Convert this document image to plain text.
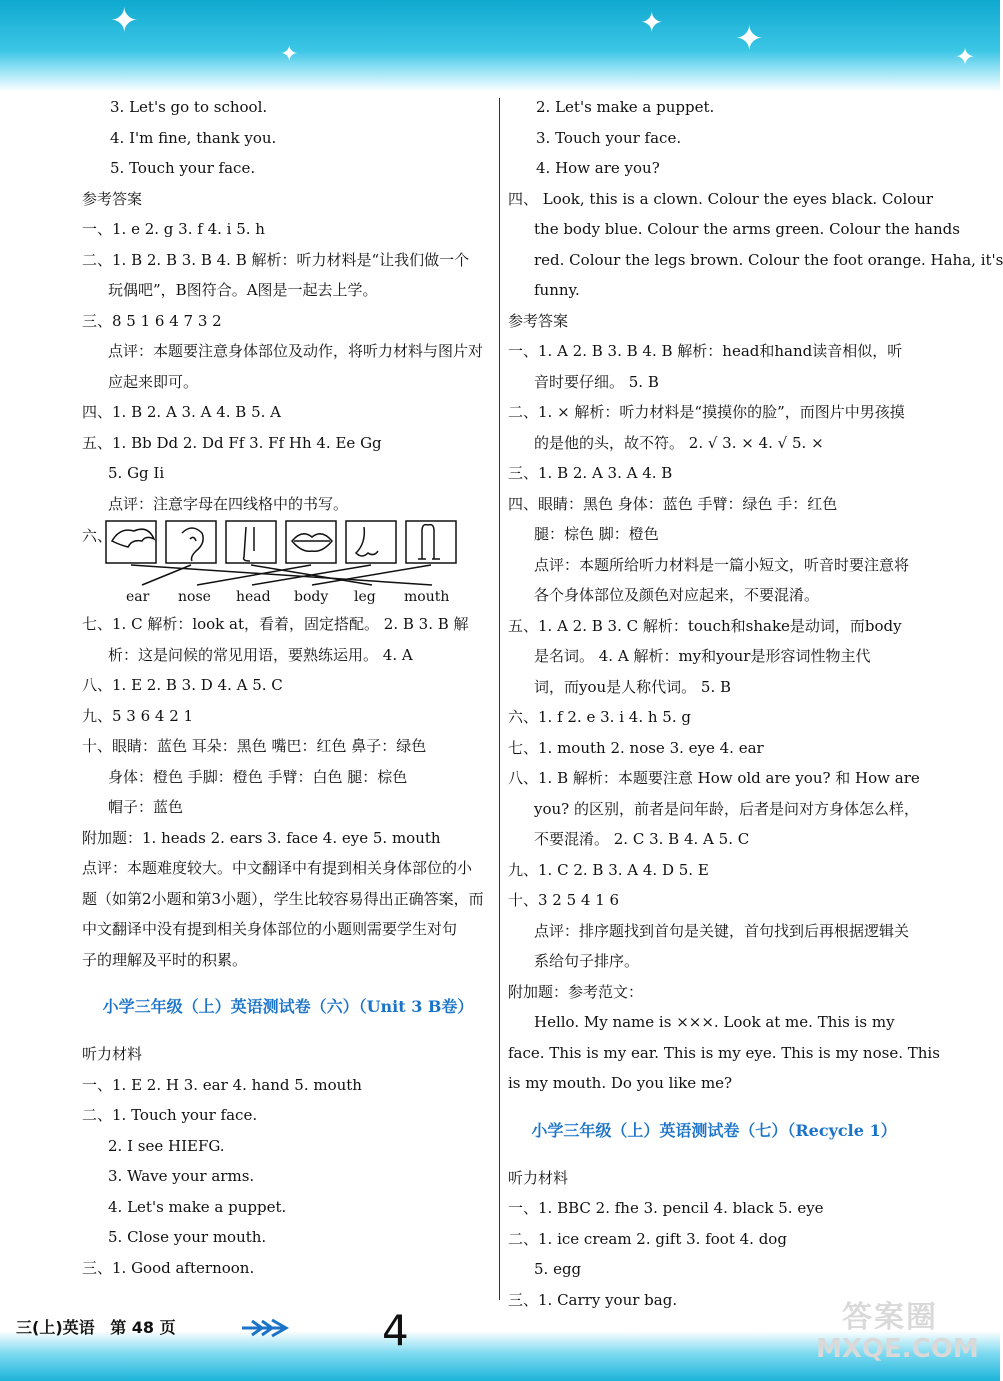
✦
✦
✦ ✦	✦
3. Let's go to school.
4. I'm fine, thank you.
5. Touch your face.
参考答案
一、1. e 2. g 3. f 4. i 5. h
二、1. B 2. B 3. B 4. B 解析：听力材料是“让我们做一个
玩偶吧”，B图符合。A图是一起去上学。
三、8 5 1 6 4 7 3 2
点评：本题要注意身体部位及动作，将听力材料与图片对
应起来即可。
四、1. B 2. A 3. A 4. B 5. A
五、1. Bb Dd 2. Dd Ff 3. Ff Hh 4. Ee Gg
5. Gg Ii
点评：注意字母在四线格中的书写。
六、
ear nose head body leg mouth
七、1. C 解析：look at，看着，固定搭配。 2. B 3. B 解
析：这是问候的常见用语，要熟练运用。 4. A
八、1. E 2. B 3. D 4. A 5. C
九、5 3 6 4 2 1
十、眼睛：蓝色 耳朵：黑色 嘴巴：红色 鼻子：绿色
身体：橙色 手脚：橙色 手臂：白色 腿：棕色
帽子：蓝色
附加题：1. heads 2. ears 3. face 4. eye 5. mouth
点评：本题难度较大。中文翻译中有提到相关身体部位的小
题（如第2小题和第3小题），学生比较容易得出正确答案，而
中文翻译中没有提到相关身体部位的小题则需要学生对句
子的理解及平时的积累。
小学三年级（上）英语测试卷（六）（Unit 3 B卷）
听力材料
一、1. E 2. H 3. ear 4. hand 5. mouth
二、1. Touch your face.
2. I see HIEFG.
3. Wave your arms.
4. Let's make a puppet.
5. Close your mouth.
三、1. Good afternoon.
2. Let's make a puppet.
3. Touch your face.
4. How are you?
四、 Look, this is a clown. Colour the eyes black. Colour
the body blue. Colour the arms green. Colour the hands
red. Colour the legs brown. Colour the foot orange. Haha, it's
funny.
参考答案
一、1. A 2. B 3. B 4. B 解析：head和hand读音相似，听
音时要仔细。 5. B
二、1. × 解析：听力材料是“摸摸你的脸”，而图片中男孩摸
的是他的头，故不符。 2. √ 3. × 4. √ 5. ×
三、1. B 2. A 3. A 4. B
四、眼睛：黑色 身体：蓝色 手臂：绿色 手：红色
腿：棕色 脚：橙色
点评：本题所给听力材料是一篇小短文，听音时要注意将
各个身体部位及颜色对应起来，不要混淆。
五、1. A 2. B 3. C 解析：touch和shake是动词，而body
是名词。 4. A 解析：my和your是形容词性物主代
词，而you是人称代词。 5. B
六、1. f 2. e 3. i 4. h 5. g
七、1. mouth 2. nose 3. eye 4. ear
八、1. B 解析：本题要注意 How old are you? 和 How are
you? 的区别，前者是问年龄，后者是问对方身体怎么样，
不要混淆。 2. C 3. B 4. A 5. C
九、1. C 2. B 3. A 4. D 5. E
十、3 2 5 4 1 6
点评：排序题找到首句是关键，首句找到后再根据逻辑关
系给句子排序。
附加题：参考范文：
Hello. My name is ×××. Look at me. This is my
face. This is my ear. This is my eye. This is my nose. This
is my mouth. Do you like me?
小学三年级（上）英语测试卷（七）（Recycle 1）
听力材料
一、1. BBC 2. fhe 3. pencil 4. black 5. eye
二、1. ice cream 2. gift 3. foot 4. dog
5. egg
三、1. Carry your bag.
三(上)英语 第 48 页	4	答案圈
MXQE.COM
